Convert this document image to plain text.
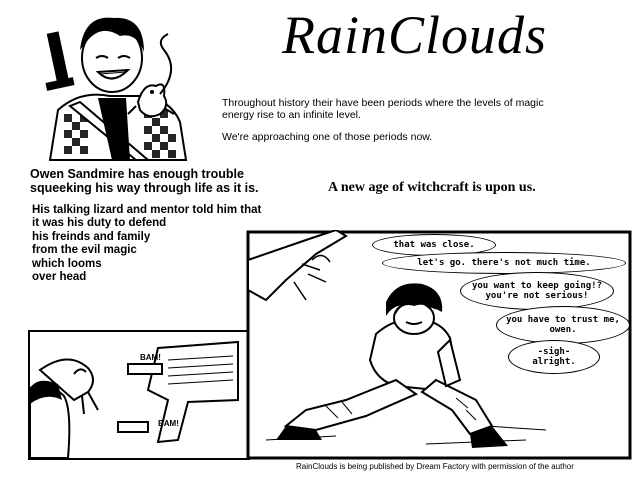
RainClouds

Throughout history their have been periods where the levels of magic energy rise to an infinite level.

We're approaching one of those periods now.

Owen Sandmire has enough trouble squeeking his way through life as it is.	A new age of witchcraft is upon us.
His talking lizard and mentor told him that
it was his duty to defend
his freinds and family
from the evil magic
which looms
over head
BAM!
BAM!
that was close.
let's go. there's not much time.
you want to keep going!? you're not serious!
you have to trust me, owen.
-sigh- alright.
RainClouds is being published by Dream Factory with permission of the author
